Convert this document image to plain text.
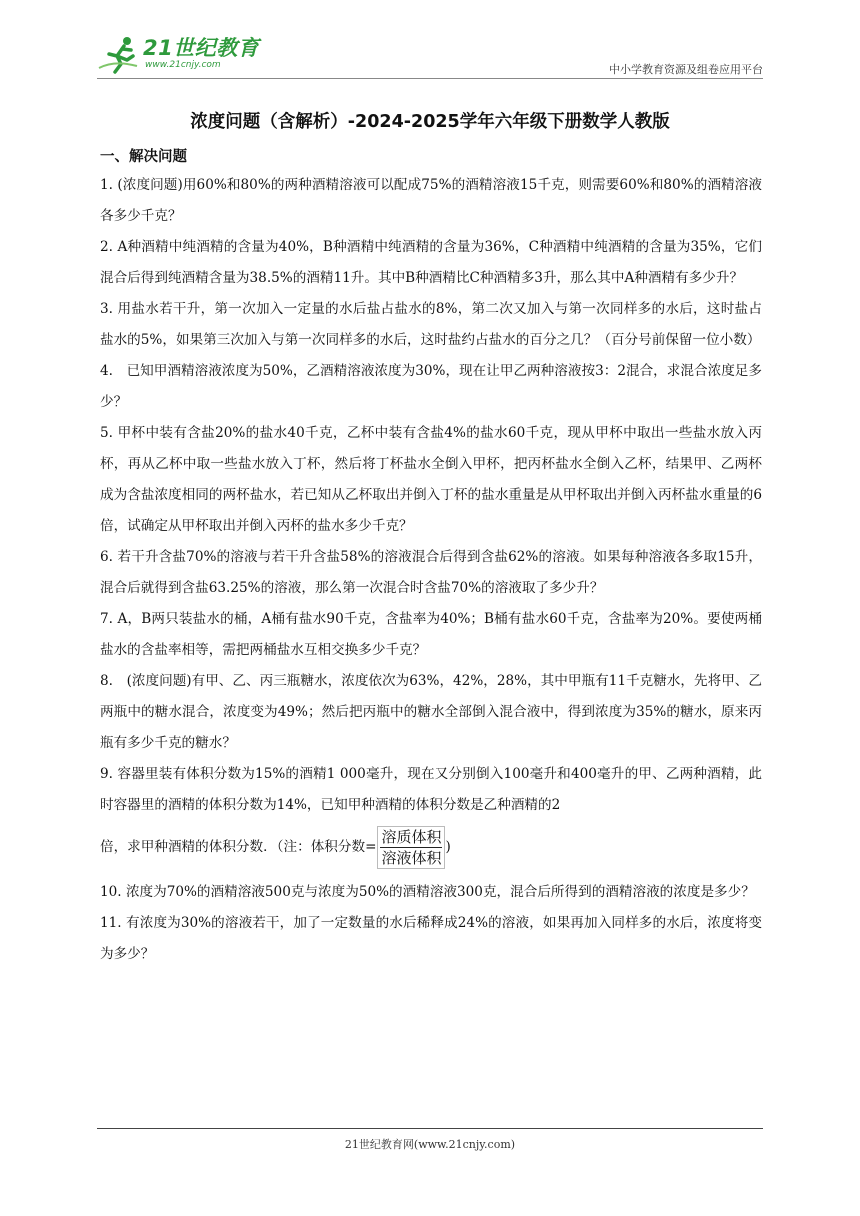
21世纪教育
www.21cnjy.com	中小学教育资源及组卷应用平台
浓度问题（含解析）-2024-2025学年六年级下册数学人教版
一、解决问题

1. (浓度问题)用60%和80%的两种酒精溶液可以配成75%的酒精溶液15千克，则需要60%和80%的酒精溶液各多少千克？

2. A种酒精中纯酒精的含量为40%，B种酒精中纯酒精的含量为36%，C种酒精中纯酒精的含量为35%，它们混合后得到纯酒精含量为38.5%的酒精11升。其中B种酒精比C种酒精多3升，那么其中A种酒精有多少升？

3. 用盐水若干升，第一次加入一定量的水后盐占盐水的8%，第二次又加入与第一次同样多的水后，这时盐占盐水的5%，如果第三次加入与第一次同样多的水后，这时盐约占盐水的百分之几？（百分号前保留一位小数）

4.　已知甲酒精溶液浓度为50%，乙酒精溶液浓度为30%，现在让甲乙两种溶液按3：2混合，求混合浓度足多少？

5. 甲杯中装有含盐20%的盐水40千克，乙杯中装有含盐4%的盐水60千克，现从甲杯中取出一些盐水放入丙杯，再从乙杯中取一些盐水放入丁杯，然后将丁杯盐水全倒入甲杯，把丙杯盐水全倒入乙杯，结果甲、乙两杯成为含盐浓度相同的两杯盐水，若已知从乙杯取出并倒入丁杯的盐水重量是从甲杯取出并倒入丙杯盐水重量的6倍，试确定从甲杯取出并倒入丙杯的盐水多少千克？

6. 若干升含盐70%的溶液与若干升含盐58%的溶液混合后得到含盐62%的溶液。如果每种溶液各多取15升，混合后就得到含盐63.25%的溶液，那么第一次混合时含盐70%的溶液取了多少升？

7. A，B两只装盐水的桶，A桶有盐水90千克，含盐率为40%；B桶有盐水60千克，含盐率为20%。要使两桶盐水的含盐率相等，需把两桶盐水互相交换多少千克？

8.　(浓度问题)有甲、乙、丙三瓶糖水，浓度依次为63%，42%，28%，其中甲瓶有11千克糖水，先将甲、乙两瓶中的糖水混合，浓度变为49%；然后把丙瓶中的糖水全部倒入混合液中，得到浓度为35%的糖水，原来丙瓶有多少千克的糖水？

9. 容器里装有体积分数为15%的酒精1 000毫升，现在又分别倒入100毫升和400毫升的甲、乙两种酒精，此时容器里的酒精的体积分数为14%，已知甲种酒精的体积分数是乙种酒精的2

倍，求甲种酒精的体积分数．（注：体积分数= $\frac{\text{溶质体积}}{\text{溶液体积}}$ )

10. 浓度为70%的酒精溶液500克与浓度为50%的酒精溶液300克，混合后所得到的酒精溶液的浓度是多少？

11. 有浓度为30%的溶液若干，加了一定数量的水后稀释成24%的溶液，如果再加入同样多的水后，浓度将变为多少？

21世纪教育网(www.21cnjy.com)
